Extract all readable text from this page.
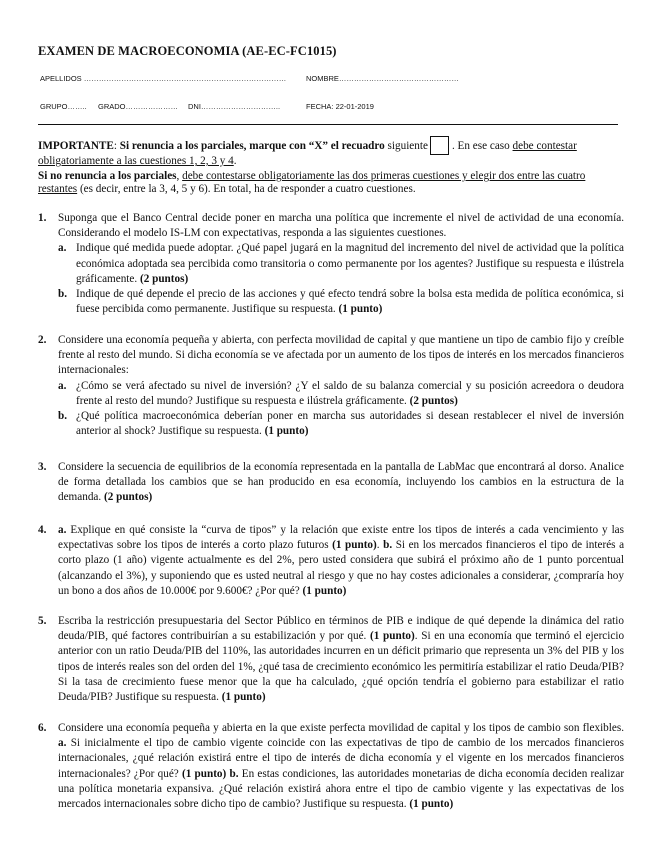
EXAMEN DE MACROECONOMIA (AE-EC-FC1015)
APELLIDOS ………………………………………………………………………	NOMBRE…………………………………………
GRUPO…….. GRADO………………… DNI…………………………..	FECHA: 22-01-2019
IMPORTANTE: Si renuncia a los parciales, marque con “X” el recuadro siguiente . En ese caso debe contestar obligatoriamente a las cuestiones 1, 2, 3 y 4.
Si no renuncia a los parciales, debe contestarse obligatoriamente las dos primeras cuestiones y elegir dos entre las cuatro restantes (es decir, entre la 3, 4, 5 y 6). En total, ha de responder a cuatro cuestiones.
1. Suponga que el Banco Central decide poner en marcha una política que incremente el nivel de actividad de una economía. Considerando el modelo IS-LM con expectativas, responda a las siguientes cuestiones.
a. Indique qué medida puede adoptar. ¿Qué papel jugará en la magnitud del incremento del nivel de actividad que la política económica adoptada sea percibida como transitoria o como permanente por los agentes? Justifique su respuesta e ilústrela gráficamente. (2 puntos)
b. Indique de qué depende el precio de las acciones y qué efecto tendrá sobre la bolsa esta medida de política económica, si fuese percibida como permanente. Justifique su respuesta. (1 punto)
2. Considere una economía pequeña y abierta, con perfecta movilidad de capital y que mantiene un tipo de cambio fijo y creíble frente al resto del mundo. Si dicha economía se ve afectada por un aumento de los tipos de interés en los mercados financieros internacionales:
a. ¿Cómo se verá afectado su nivel de inversión? ¿Y el saldo de su balanza comercial y su posición acreedora o deudora frente al resto del mundo? Justifique su respuesta e ilústrela gráficamente. (2 puntos)
b. ¿Qué política macroeconómica deberían poner en marcha sus autoridades si desean restablecer el nivel de inversión anterior al shock? Justifique su respuesta. (1 punto)
3. Considere la secuencia de equilibrios de la economía representada en la pantalla de LabMac que encontrará al dorso. Analice de forma detallada los cambios que se han producido en esa economía, incluyendo los cambios en la estructura de la demanda. (2 puntos)
4. a. Explique en qué consiste la “curva de tipos” y la relación que existe entre los tipos de interés a cada vencimiento y las expectativas sobre los tipos de interés a corto plazo futuros (1 punto). b. Si en los mercados financieros el tipo de interés a corto plazo (1 año) vigente actualmente es del 2%, pero usted considera que subirá el próximo año de 1 punto porcentual (alcanzando el 3%), y suponiendo que es usted neutral al riesgo y que no hay costes adicionales a considerar, ¿compraría hoy un bono a dos años de 10.000€ por 9.600€? ¿Por qué? (1 punto)
5. Escriba la restricción presupuestaria del Sector Público en términos de PIB e indique de qué depende la dinámica del ratio deuda/PIB, qué factores contribuirían a su estabilización y por qué. (1 punto). Si en una economía que terminó el ejercicio anterior con un ratio Deuda/PIB del 110%, las autoridades incurren en un déficit primario que representa un 3% del PIB y los tipos de interés reales son del orden del 1%, ¿qué tasa de crecimiento económico les permitiría estabilizar el ratio Deuda/PIB? Si la tasa de crecimiento fuese menor que la que ha calculado, ¿qué opción tendría el gobierno para estabilizar el ratio Deuda/PIB? Justifique su respuesta. (1 punto)
6. Considere una economía pequeña y abierta en la que existe perfecta movilidad de capital y los tipos de cambio son flexibles. a. Si inicialmente el tipo de cambio vigente coincide con las expectativas de tipo de cambio de los mercados financieros internacionales, ¿qué relación existirá entre el tipo de interés de dicha economía y el vigente en los mercados financieros internacionales? ¿Por qué? (1 punto) b. En estas condiciones, las autoridades monetarias de dicha economía deciden realizar una política monetaria expansiva. ¿Qué relación existirá ahora entre el tipo de cambio vigente y las expectativas de los mercados internacionales sobre dicho tipo de cambio? Justifique su respuesta. (1 punto)
